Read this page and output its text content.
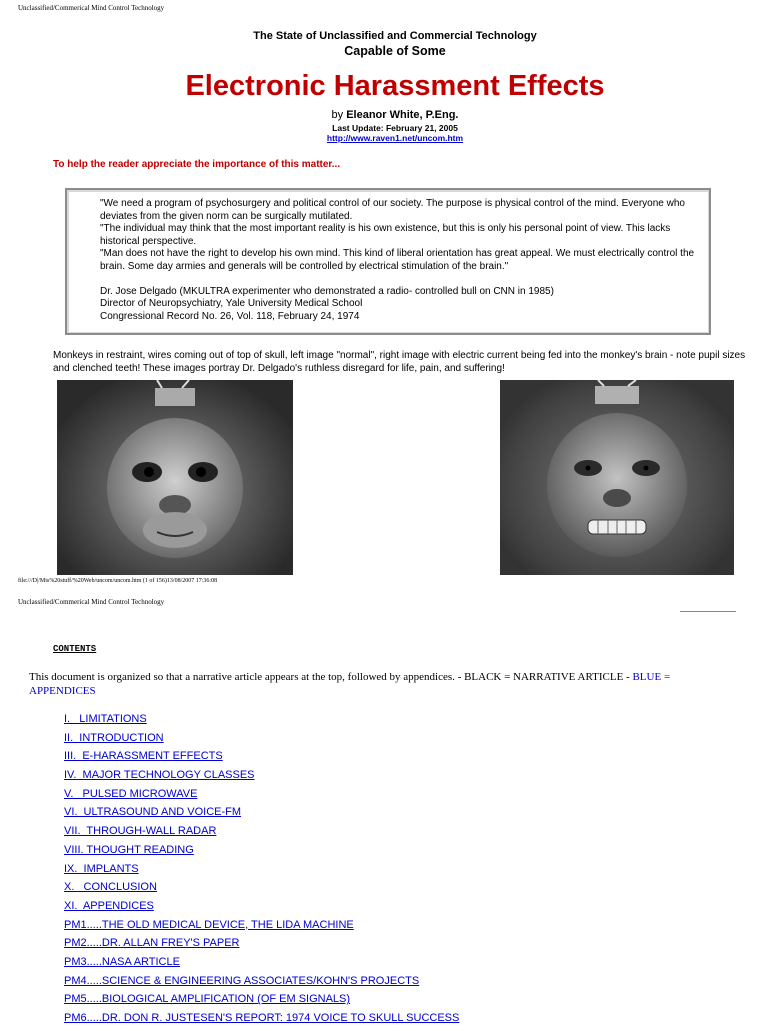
Unclassified/Commerical Mind Control Technology
The State of Unclassified and Commercial Technology
Capable of Some
Electronic Harassment Effects
by Eleanor White, P.Eng.
Last Update: February 21, 2005
http://www.raven1.net/uncom.htm
To help the reader appreciate the importance of this matter...

"We need a program of psychosurgery and political control of our society. The purpose is physical control of the mind. Everyone who deviates from the given norm can be surgically mutilated.

"The individual may think that the most important reality is his own existence, but this is only his personal point of view. This lacks historical perspective.

"Man does not have the right to develop his own mind. This kind of liberal orientation has great appeal. We must electrically control the brain. Some day armies and generals will be controlled by electrical stimulation of the brain."

Dr. Jose Delgado (MKULTRA experimenter who demonstrated a radio- controlled bull on CNN in 1985)

Director of Neuropsychiatry, Yale University Medical School

Congressional Record No. 26, Vol. 118, February 24, 1974

Monkeys in restraint, wires coming out of top of skull, left image "normal", right image with electric current being fed into the monkey's brain - note pupil sizes and clenched teeth! These images portray Dr. Delgado's ruthless disregard for life, pain, and suffering!
file:///D|/Mis%20stuff/%20Web/uncom/uncom.htm (1 of 156)13/08/2007 17:36:08
Unclassified/Commerical Mind Control Technology
CONTENTS
This document is organized so that a narrative article appears at the top, followed by appendices. - BLACK = NARRATIVE ARTICLE - BLUE = APPENDICES
I.   LIMITATIONS
II.  INTRODUCTION
III.  E-HARASSMENT EFFECTS
IV.  MAJOR TECHNOLOGY CLASSES
V.   PULSED MICROWAVE
VI.  ULTRASOUND AND VOICE-FM
VII.  THROUGH-WALL RADAR
VIII. THOUGHT READING
IX.  IMPLANTS
X.   CONCLUSION
XI.  APPENDICES
PM1.....THE OLD MEDICAL DEVICE, THE LIDA MACHINE
PM2.....DR. ALLAN FREY'S PAPER
PM3.....NASA ARTICLE
PM4.....SCIENCE & ENGINEERING ASSOCIATES/KOHN'S PROJECTS
PM5.....BIOLOGICAL AMPLIFICATION (OF EM SIGNALS)
PM6.....DR. DON R. JUSTESEN'S REPORT: 1974 VOICE TO SKULL SUCCESS
